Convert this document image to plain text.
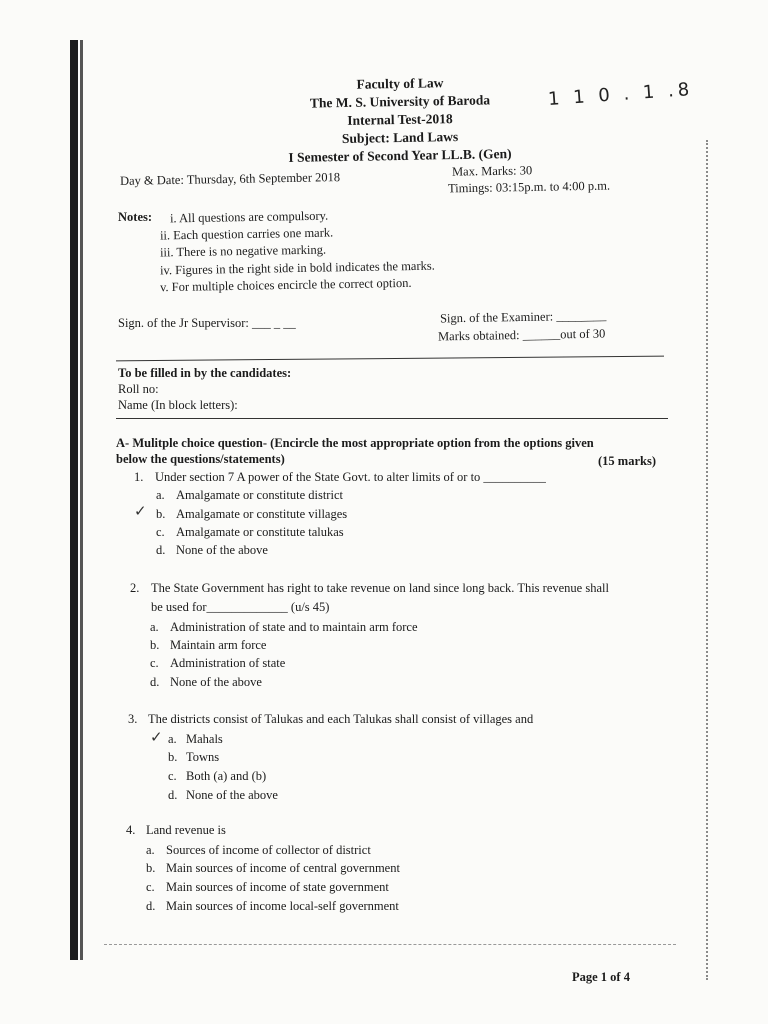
Faculty of Law
The M. S. University of Baroda
Internal Test-2018
Subject: Land Laws
I Semester of Second Year LL.B. (Gen)
1 1 0 . 1 .8
Day & Date: Thursday, 6th September 2018	Max. Marks: 30
Timings: 03:15p.m. to 4:00 p.m.
Notes: i. All questions are compulsory.
ii. Each question carries one mark.
iii. There is no negative marking.
iv. Figures in the right side in bold indicates the marks.
v. For multiple choices encircle the correct option.
Sign. of the Jr Supervisor: ___ _ __	Sign. of the Examiner: ________
Marks obtained: ______out of 30
To be filled in by the candidates:
Roll no:
Name (In block letters):
A- Mulitple choice question- (Encircle the most appropriate option from the options given
below the questions/statements)	(15 marks)
1. Under section 7 A power of the State Govt. to alter limits of or to __________
a. Amalgamate or constitute district
b. Amalgamate or constitute villages
✓
c. Amalgamate or constitute talukas
d. None of the above
2. The State Government has right to take revenue on land since long back. This revenue shall
be used for_____________ (u/s 45)
a. Administration of state and to maintain arm force
b. Maintain arm force
c. Administration of state
d. None of the above
3. The districts consist of Talukas and each Talukas shall consist of villages and
✓ a. Mahals
b. Towns
c. Both (a) and (b)
d. None of the above
4. Land revenue is
a. Sources of income of collector of district
b. Main sources of income of central government
c. Main sources of income of state government
d. Main sources of income local-self government
Page 1 of 4
